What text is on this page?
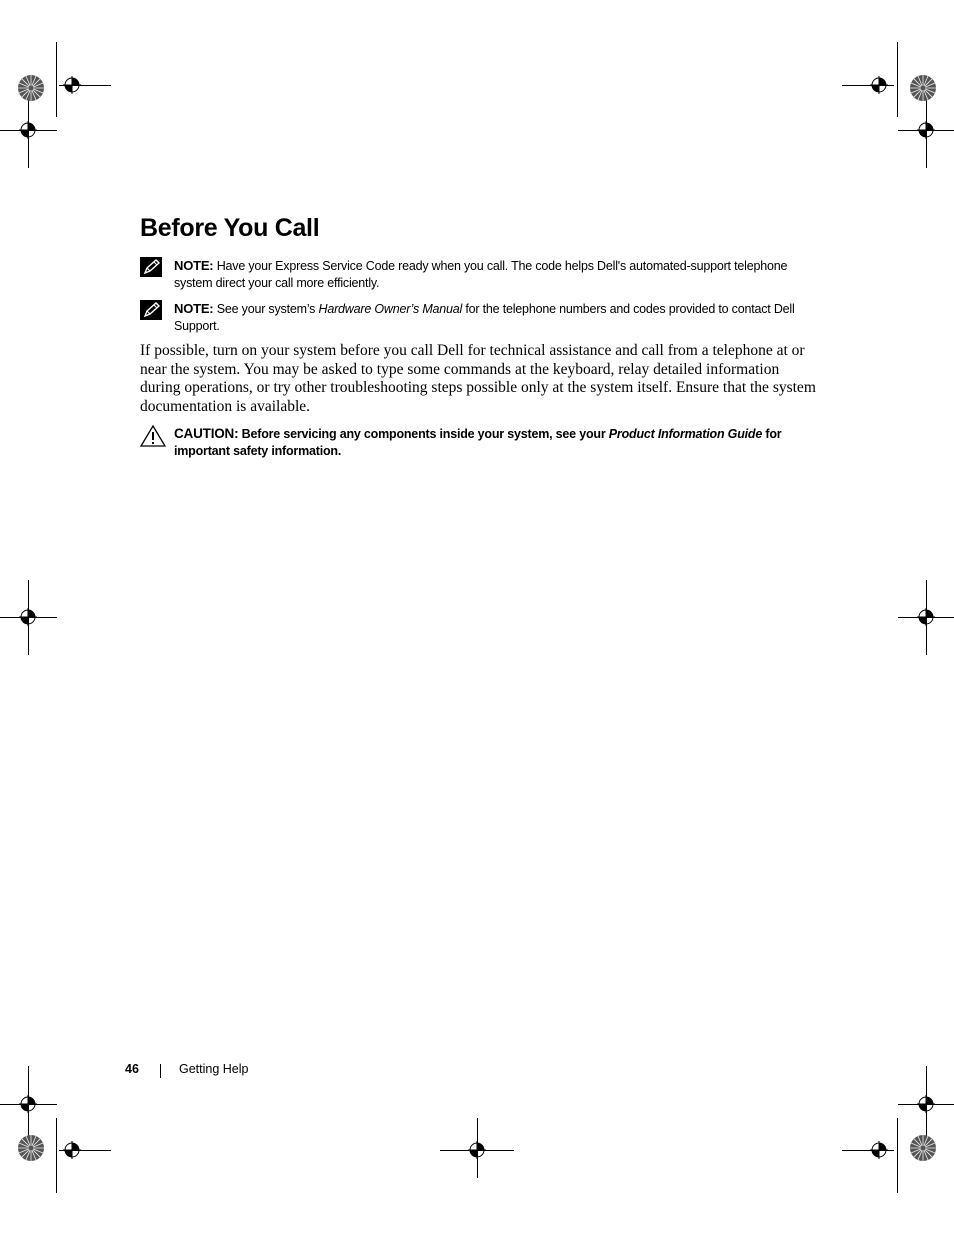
Before You Call
NOTE: Have your Express Service Code ready when you call. The code helps Dell's automated-support telephone system direct your call more efficiently.
NOTE: See your system’s Hardware Owner’s Manual for the telephone numbers and codes provided to contact Dell Support.

If possible, turn on your system before you call Dell for technical assistance and call from a telephone at or near the system. You may be asked to type some commands at the keyboard, relay detailed information during operations, or try other troubleshooting steps possible only at the system itself. Ensure that the system documentation is available.

CAUTION: Before servicing any components inside your system, see your Product Information Guide for important safety information.
46	Getting Help
